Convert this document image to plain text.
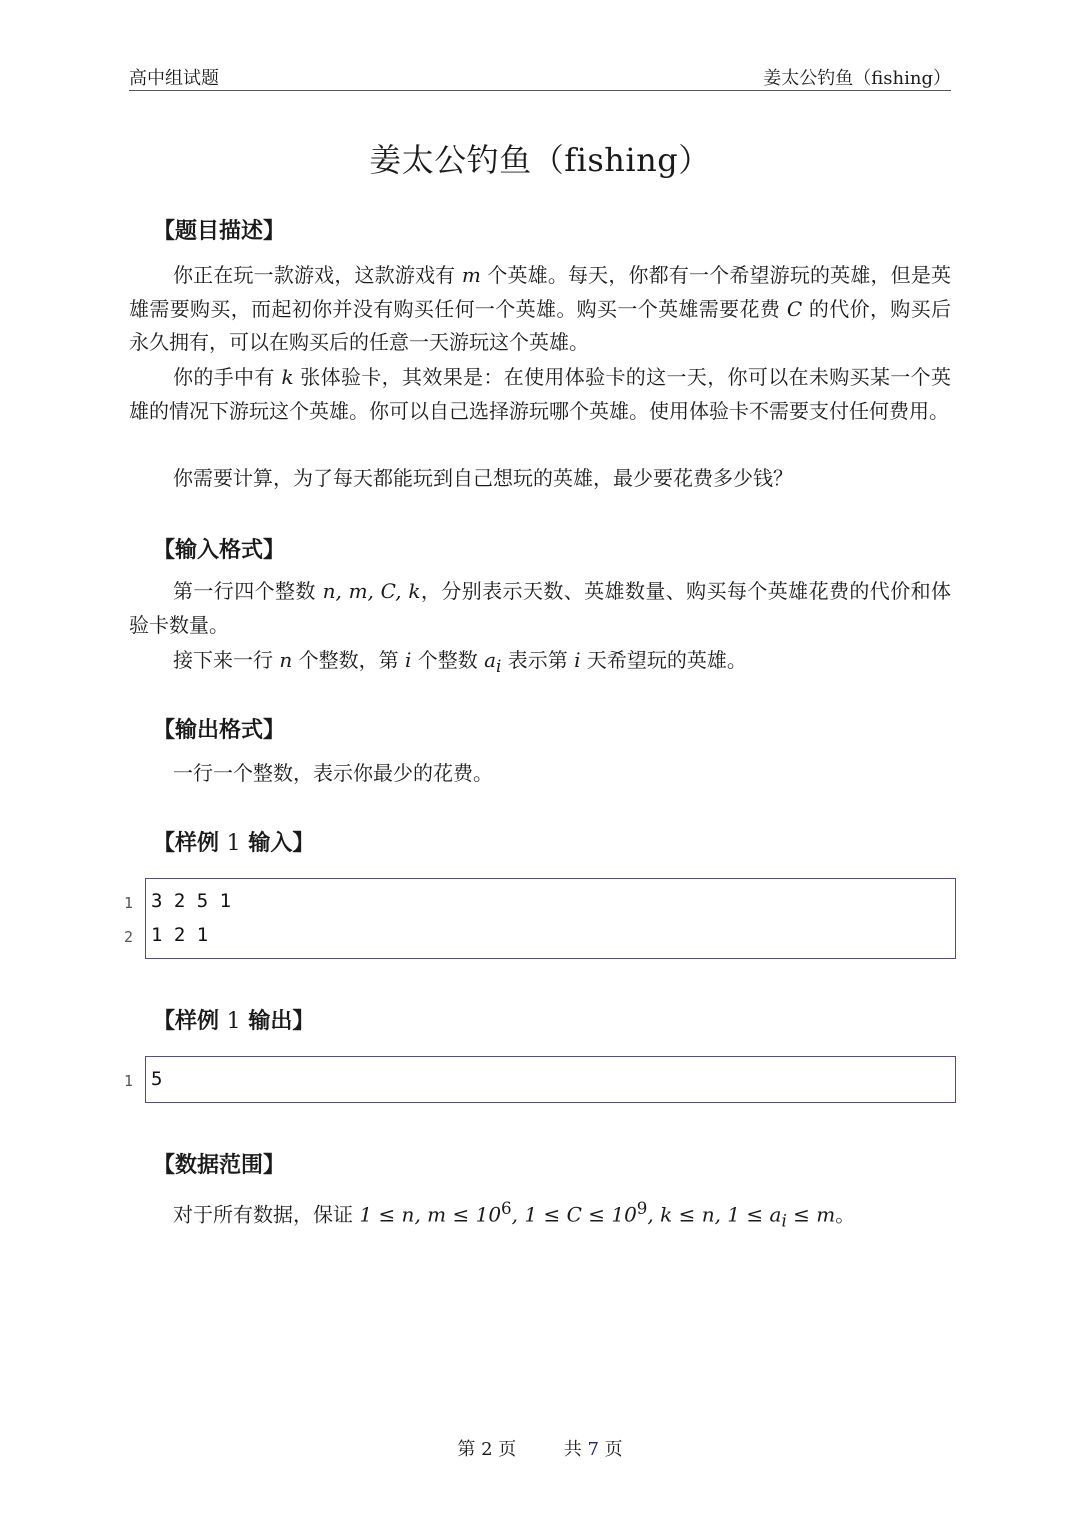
高中组试题	姜太公钓鱼（fishing）
姜太公钓鱼（fishing）
【题目描述】

你正在玩一款游戏，这款游戏有 m 个英雄。每天，你都有一个希望游玩的英雄，但是英雄需要购买，而起初你并没有购买任何一个英雄。购买一个英雄需要花费 C 的代价，购买后永久拥有，可以在购买后的任意一天游玩这个英雄。

你的手中有 k 张体验卡，其效果是：在使用体验卡的这一天，你可以在未购买某一个英雄的情况下游玩这个英雄。你可以自己选择游玩哪个英雄。使用体验卡不需要支付任何费用。

你需要计算，为了每天都能玩到自己想玩的英雄，最少要花费多少钱？

【输入格式】

第一行四个整数 n, m, C, k，分别表示天数、英雄数量、购买每个英雄花费的代价和体验卡数量。

接下来一行 n 个整数，第 i 个整数 $a_i$ 表示第 i 天希望玩的英雄。

【输出格式】

一行一个整数，表示你最少的花费。

【样例 1 输入】
1 3 2 5 1
2 1 2 1
【样例 1 输出】
1 5
【数据范围】

对于所有数据，保证 1 ≤ n, $m \le 10^6$, $1 \le C \le 10^9$, k ≤ n, $1 \le a_i \le m$。

第 2 页	共 7 页
